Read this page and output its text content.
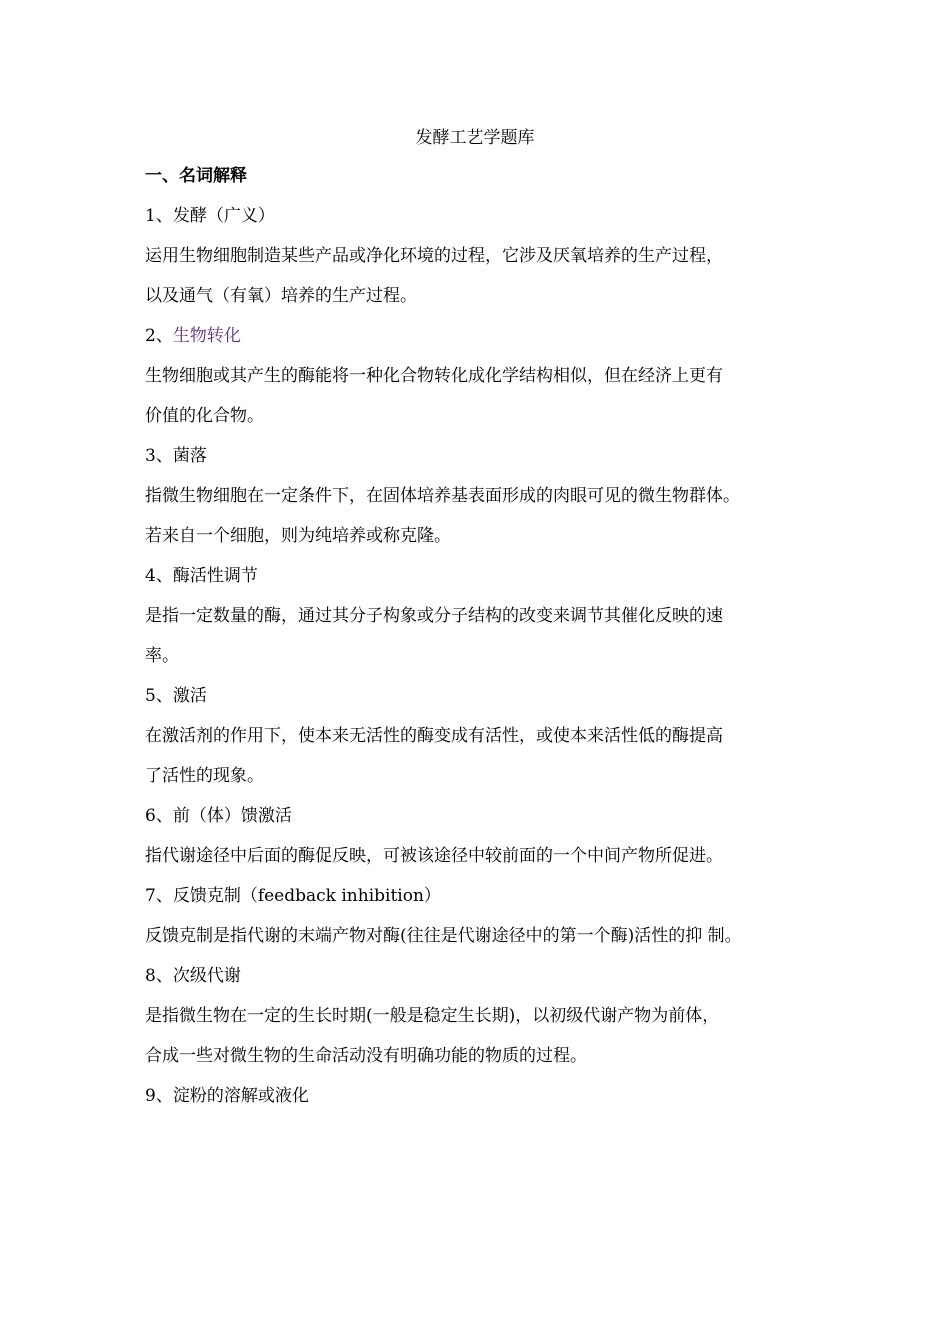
发酵工艺学题库
一、名词解释
1、发酵（广义）
运用生物细胞制造某些产品或净化环境的过程，它涉及厌氧培养的生产过程，
以及通气（有氧）培养的生产过程。
2、生物转化
生物细胞或其产生的酶能将一种化合物转化成化学结构相似，但在经济上更有
价值的化合物。
3、菌落
指微生物细胞在一定条件下，在固体培养基表面形成的肉眼可见的微生物群体。
若来自一个细胞，则为纯培养或称克隆。
4、酶活性调节
是指一定数量的酶，通过其分子构象或分子结构的改变来调节其催化反映的速
率。
5、激活
在激活剂的作用下，使本来无活性的酶变成有活性，或使本来活性低的酶提高
了活性的现象。
6、前（体）馈激活
指代谢途径中后面的酶促反映，可被该途径中较前面的一个中间产物所促进。
7、反馈克制（feedback inhibition）
反馈克制是指代谢的末端产物对酶(往往是代谢途径中的第一个酶)活性的抑 制。
8、次级代谢
是指微生物在一定的生长时期(一般是稳定生长期)，以初级代谢产物为前体，
合成一些对微生物的生命活动没有明确功能的物质的过程。
9、淀粉的溶解或液化
